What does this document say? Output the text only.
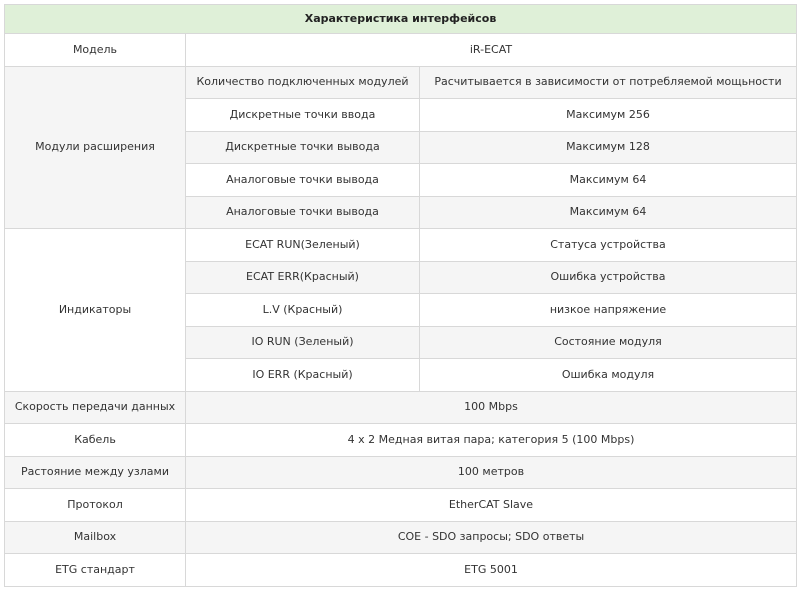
Характеристика интерфейсов		
Модель	iR-ECAT	
Модули расширения	Количество подключенных модулей	Расчитывается в зависимости от потребляемой мощьности
	Дискретные точки ввода	Максимум 256
	Дискретные точки вывода	Максимум 128
	Аналоговые точки вывода	Максимум 64
	Аналоговые точки вывода	Максимум 64
Индикаторы	ECAT RUN(Зеленый)	Статуса устройства
	ECAT ERR(Красный)	Ошибка устройства
	L.V (Красный)	низкое напряжение
	IO RUN (Зеленый)	Состояние модуля
	IO ERR (Красный)	Ошибка модуля
Скорость передачи данных	100 Mbps	
Кабель	4 x 2 Медная витая пара; категория 5 (100 Mbps)	
Растояние между узлами	100 метров	
Протокол	EtherCAT Slave	
Mailbox	COE - SDO запросы; SDO ответы	
ETG стандарт	ETG 5001	
